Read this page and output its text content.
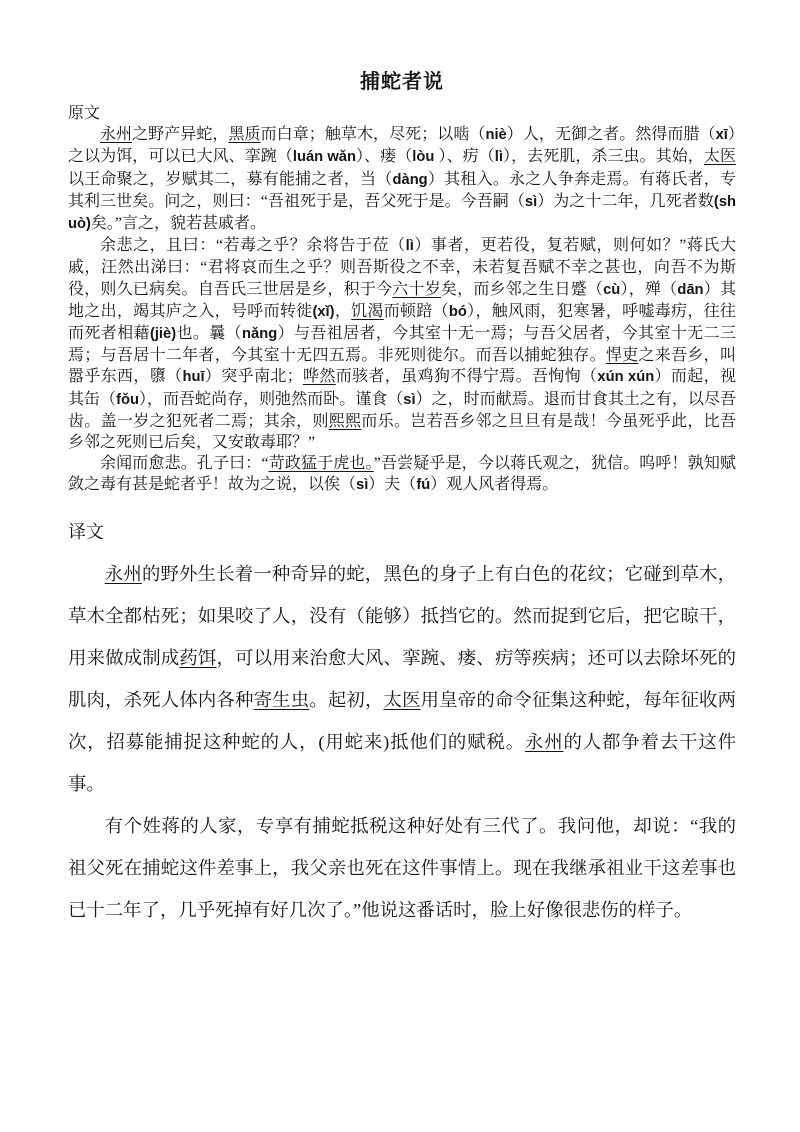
捕蛇者说
原文

永州之野产异蛇，黑质而白章；触草木，尽死；以啮（niè）人，无御之者。然得而腊（xī）之以为饵，可以已大风、挛踠（luán wǎn）、瘘（lòu ）、疠（lì），去死肌，杀三虫。其始，太医以王命聚之，岁赋其二，募有能捕之者，当（dàng）其租入。永之人争奔走焉。有蒋氏者，专其利三世矣。问之，则曰：“吾祖死于是，吾父死于是。今吾嗣（sì）为之十二年，几死者数(shuò)矣。”言之，貌若甚戚者。

余悲之，且曰：“若毒之乎？余将告于莅（lì）事者，更若役，复若赋，则何如？”蒋氏大戚，汪然出涕曰：“君将哀而生之乎？则吾斯役之不幸，未若复吾赋不幸之甚也，向吾不为斯役，则久已病矣。自吾氏三世居是乡，积于今六十岁矣，而乡邻之生日蹙（cù），殚（dān）其地之出，竭其庐之入，号呼而转徙(xǐ)，饥渴而顿踣（bó），触风雨，犯寒暑，呼嘘毒疠，往往而死者相藉(jiè)也。曩（nǎng）与吾祖居者，今其室十无一焉；与吾父居者，今其室十无二三焉；与吾居十二年者，今其室十无四五焉。非死则徙尔。而吾以捕蛇独存。悍吏之来吾乡，叫嚣乎东西，隳（huī）突乎南北；哗然而骇者，虽鸡狗不得宁焉。吾恂恂（xún xún）而起，视其缶（fǒu），而吾蛇尚存，则弛然而卧。谨食（sì）之，时而献焉。退而甘食其土之有，以尽吾齿。盖一岁之犯死者二焉；其余，则熙熙而乐。岂若吾乡邻之旦旦有是哉！今虽死乎此，比吾乡邻之死则已后矣，又安敢毒耶？”

余闻而愈悲。孔子曰：“苛政猛于虎也。”吾尝疑乎是，今以蒋氏观之，犹信。呜呼！孰知赋敛之毒有甚是蛇者乎！故为之说，以俟（sì）夫（fú）观人风者得焉。

译文

永州的野外生长着一种奇异的蛇，黑色的身子上有白色的花纹；它碰到草木，草木全都枯死；如果咬了人，没有（能够）抵挡它的。然而捉到它后，把它晾干，用来做成制成药饵，可以用来治愈大风、挛踠、瘘、疠等疾病；还可以去除坏死的肌肉，杀死人体内各种寄生虫。起初，太医用皇帝的命令征集这种蛇，每年征收两次，招募能捕捉这种蛇的人，(用蛇来)抵他们的赋税。永州的人都争着去干这件事。

有个姓蒋的人家，专享有捕蛇抵税这种好处有三代了。我问他，却说：“我的祖父死在捕蛇这件差事上，我父亲也死在这件事情上。现在我继承祖业干这差事也已十二年了，几乎死掉有好几次了。”他说这番话时，脸上好像很悲伤的样子。
